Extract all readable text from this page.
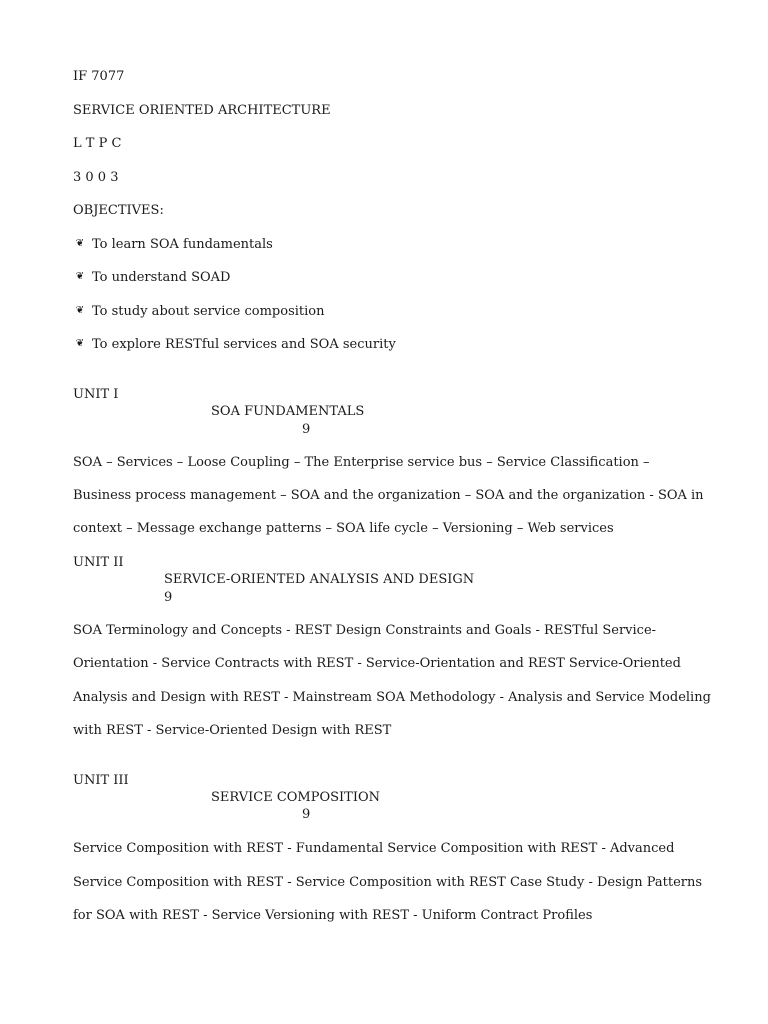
IF 7077
SERVICE ORIENTED ARCHITECTURE
L T P C
3 0 0 3
OBJECTIVES:
❦ To learn SOA fundamentals
❦ To understand SOAD
❦ To study about service composition
❦ To explore RESTful services and SOA security
UNIT I
SOA FUNDAMENTALS
9
SOA – Services – Loose Coupling – The Enterprise service bus – Service Classification –
Business process management – SOA and the organization – SOA and the organization - SOA in
context – Message exchange patterns – SOA life cycle – Versioning – Web services
UNIT II
SERVICE-ORIENTED ANALYSIS AND DESIGN
9
SOA Terminology and Concepts - REST Design Constraints and Goals - RESTful Service-
Orientation - Service Contracts with REST - Service-Orientation and REST Service-Oriented
Analysis and Design with REST - Mainstream SOA Methodology - Analysis and Service Modeling
with REST - Service-Oriented Design with REST
UNIT III
SERVICE COMPOSITION
9
Service Composition with REST - Fundamental Service Composition with REST - Advanced
Service Composition with REST - Service Composition with REST Case Study - Design Patterns
for SOA with REST - Service Versioning with REST - Uniform Contract Profiles
